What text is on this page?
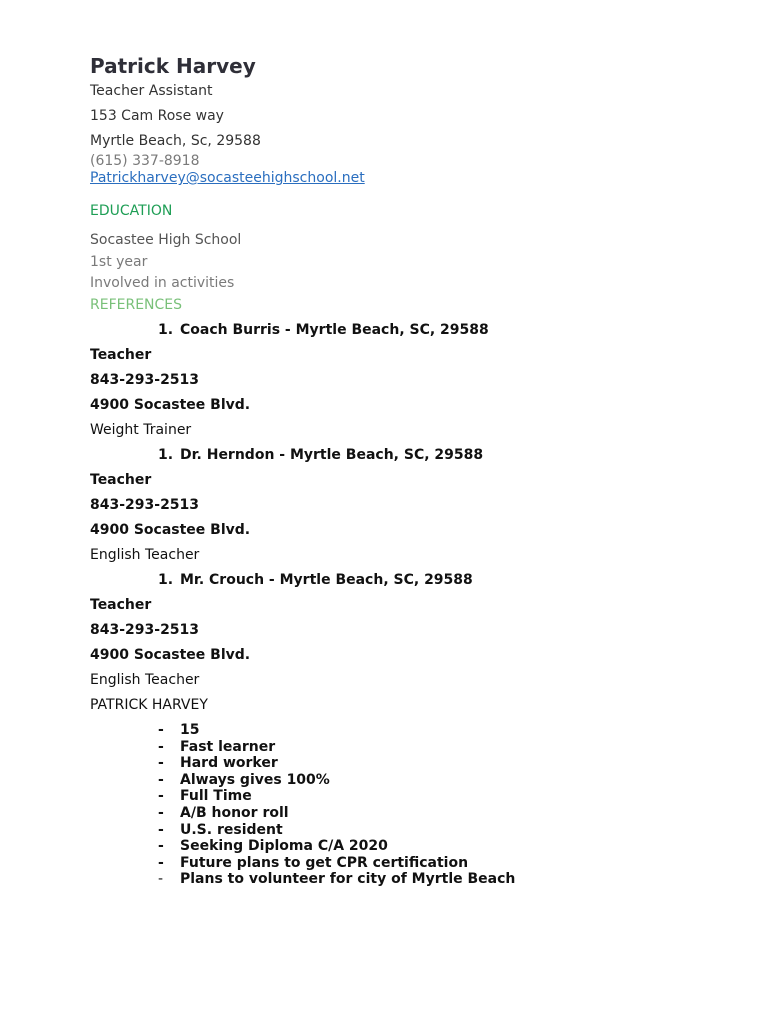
Patrick Harvey
Teacher Assistant
153 Cam Rose way
Myrtle Beach, Sc, 29588
(615) 337-8918
Patrickharvey@socasteehighschool.net
EDUCATION
Socastee High School
1st year
Involved in activities
REFERENCES
1. Coach Burris - Myrtle Beach, SC, 29588
Teacher
843-293-2513
4900 Socastee Blvd.
Weight Trainer
1. Dr. Herndon - Myrtle Beach, SC, 29588
Teacher
843-293-2513
4900 Socastee Blvd.
English Teacher
1. Mr. Crouch - Myrtle Beach, SC, 29588
Teacher
843-293-2513
4900 Socastee Blvd.
English Teacher
PATRICK HARVEY
- 15
- Fast learner
- Hard worker
- Always gives 100%
- Full Time
- A/B honor roll
- U.S. resident
- Seeking Diploma C/A 2020
- Future plans to get CPR certification
- Plans to volunteer for city of Myrtle Beach
